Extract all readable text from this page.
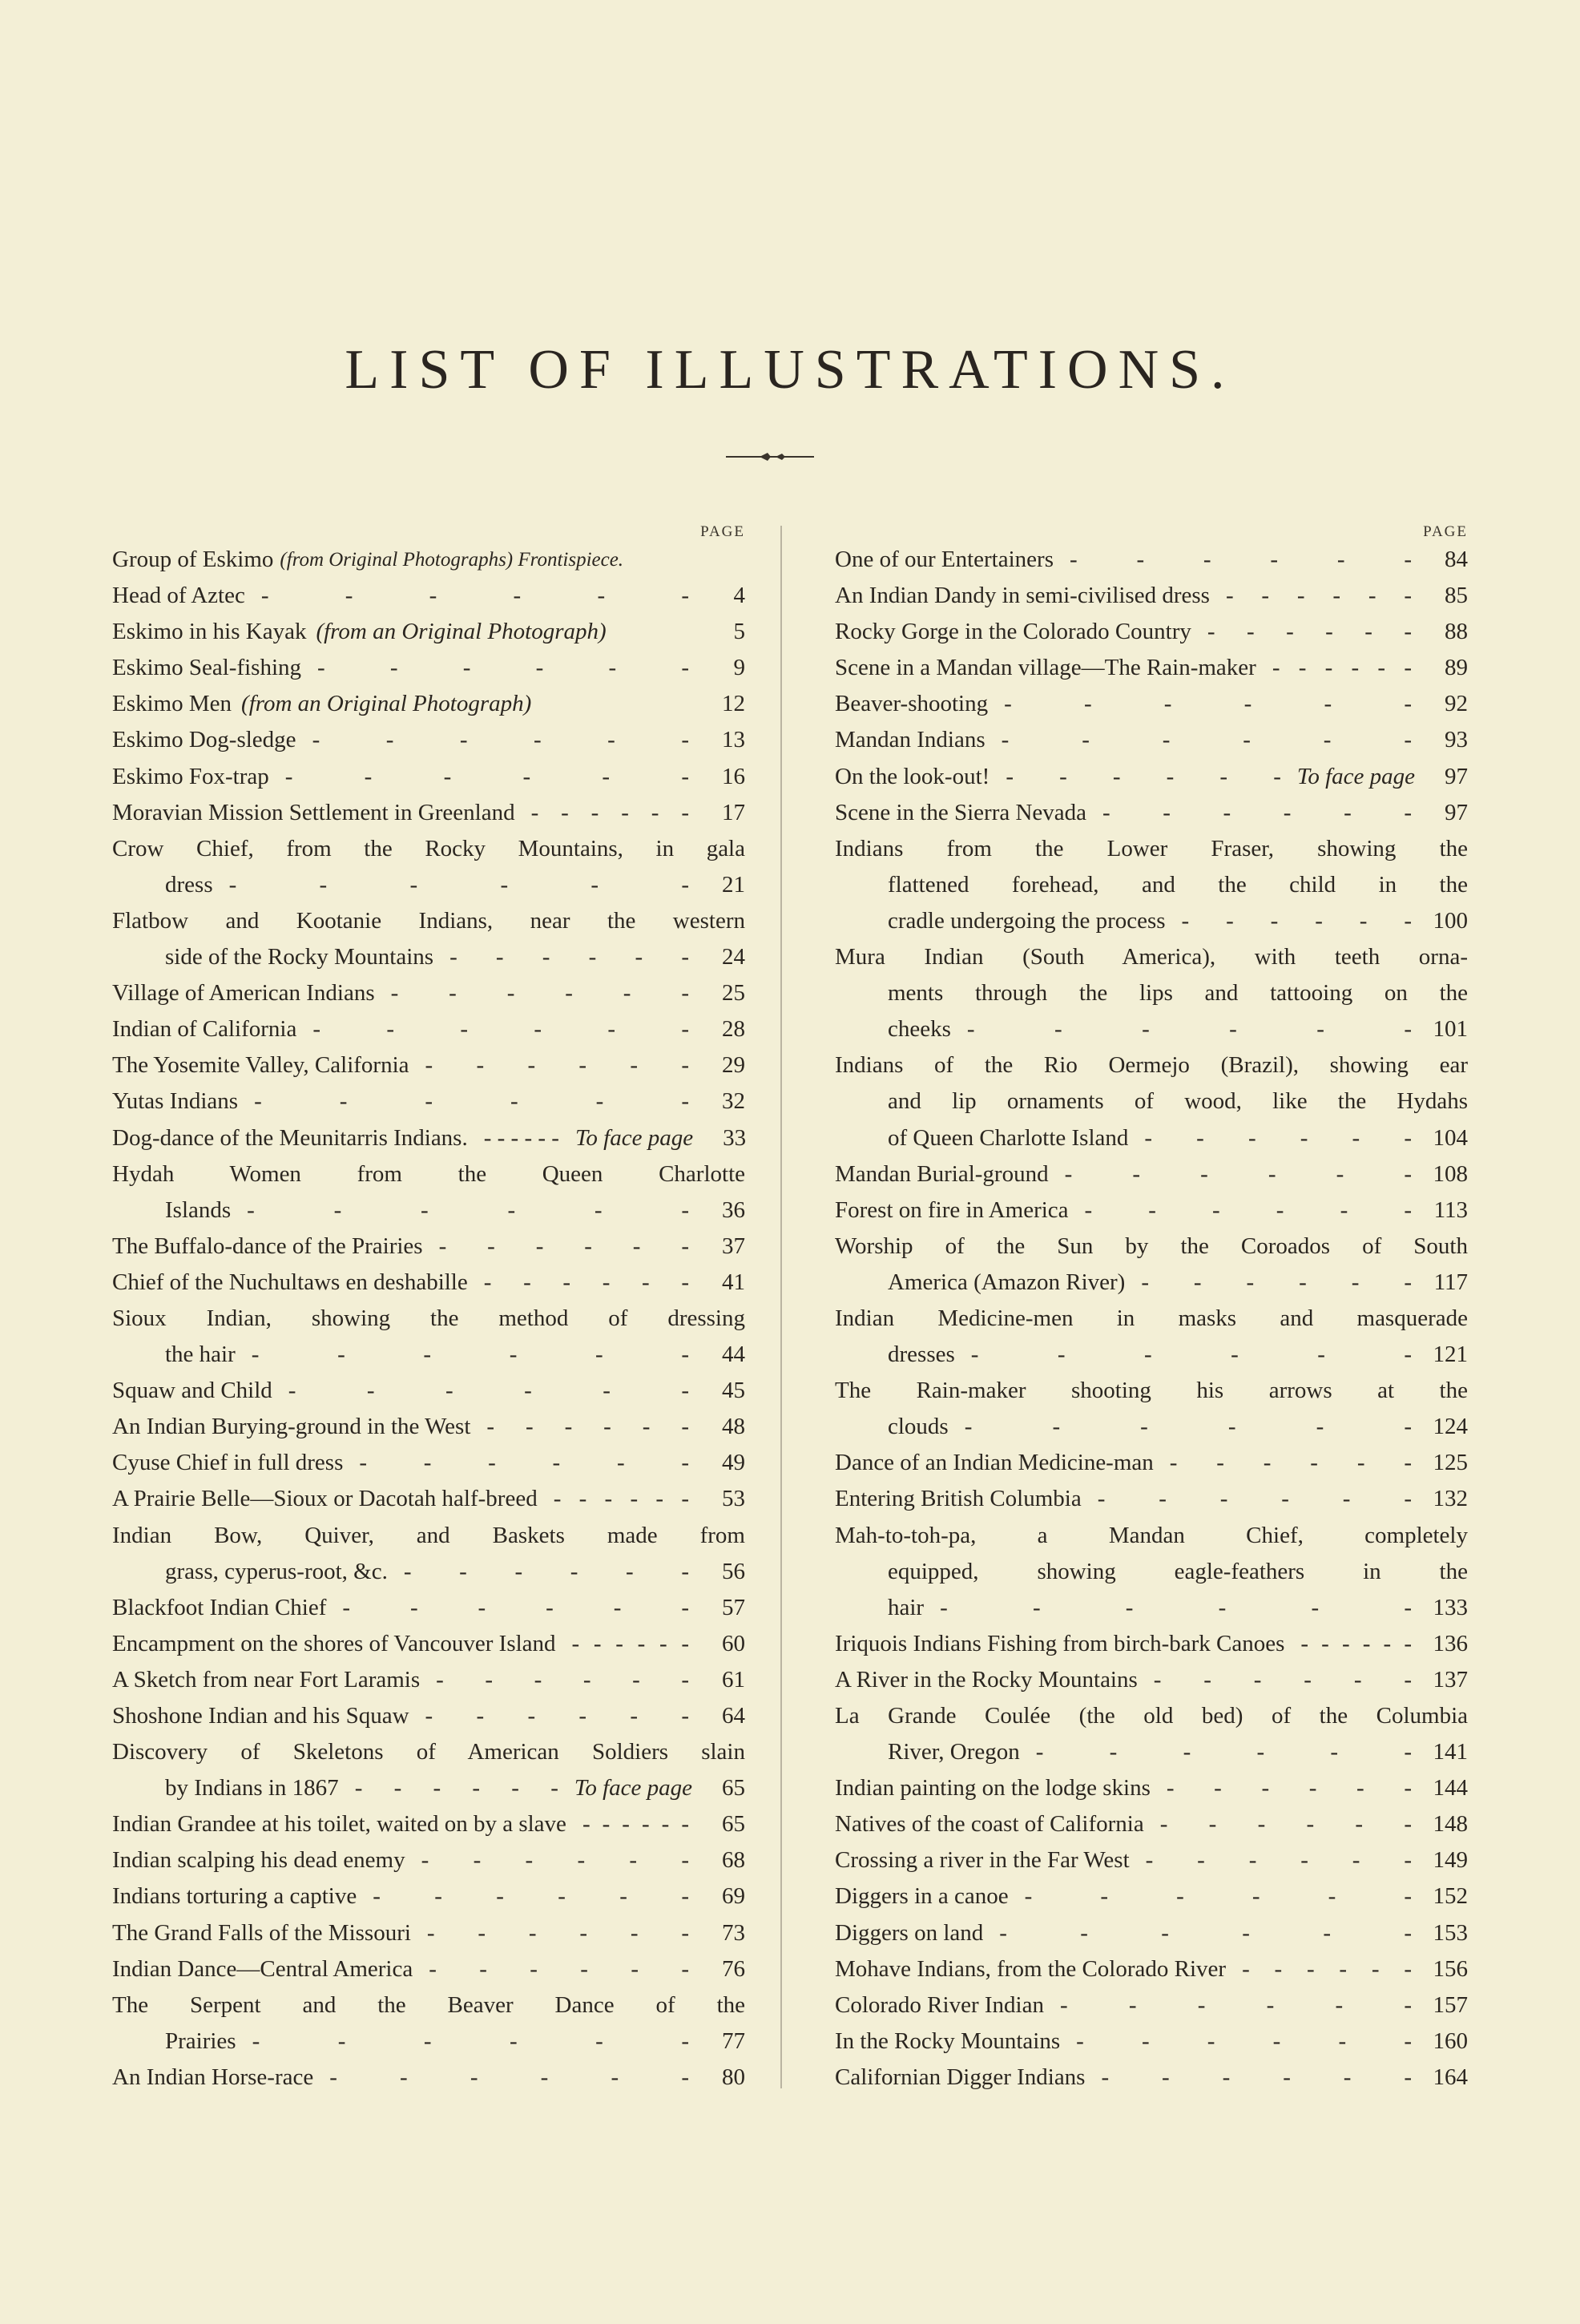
LIST OF ILLUSTRATIONS.
PAGE
Group of Eskimo (from Original Photographs) Frontispiece.
Head of Aztec - - - - - -	4
Eskimo in his Kayak (from an Original Photograph)	5
Eskimo Seal-fishing - - - - - -	9
Eskimo Men (from an Original Photograph)	12
Eskimo Dog-sledge - - - - - -	13
Eskimo Fox-trap - - - - - -	16
Moravian Mission Settlement in Greenland - - - - - -	17
Crow Chief, from the Rocky Mountains, in gala
dress - - - - - -	21
Flatbow and Kootanie Indians, near the western
side of the Rocky Mountains - - - - - -	24
Village of American Indians - - - - - -	25
Indian of California - - - - - -	28
The Yosemite Valley, California - - - - - -	29
Yutas Indians - - - - - -	32
Dog-dance of the Meunitarris Indians. - - - - - - To face page	33
Hydah Women from the Queen Charlotte
Islands - - - - - -	36
The Buffalo-dance of the Prairies - - - - - -	37
Chief of the Nuchultaws en deshabille - - - - - -	41
Sioux Indian, showing the method of dressing
the hair - - - - - -	44
Squaw and Child - - - - - -	45
An Indian Burying-ground in the West - - - - - -	48
Cyuse Chief in full dress - - - - - -	49
A Prairie Belle—Sioux or Dacotah half-breed - - - - - -	53
Indian Bow, Quiver, and Baskets made from
grass, cyperus-root, &c. - - - - - -	56
Blackfoot Indian Chief - - - - - -	57
Encampment on the shores of Vancouver Island - - - - - -	60
A Sketch from near Fort Laramis - - - - - -	61
Shoshone Indian and his Squaw - - - - - -	64
Discovery of Skeletons of American Soldiers slain
by Indians in 1867 - - - - - - To face page	65
Indian Grandee at his toilet, waited on by a slave - - - - - -	65
Indian scalping his dead enemy - - - - - -	68
Indians torturing a captive - - - - - -	69
The Grand Falls of the Missouri - - - - - -	73
Indian Dance—Central America - - - - - -	76
The Serpent and the Beaver Dance of the
Prairies - - - - - -	77
An Indian Horse-race - - - - - -	80
PAGE
One of our Entertainers - - - - - -	84
An Indian Dandy in semi-civilised dress - - - - - -	85
Rocky Gorge in the Colorado Country - - - - - -	88
Scene in a Mandan village—The Rain-maker - - - - - -	89
Beaver-shooting - - - - - -	92
Mandan Indians - - - - - -	93
On the look-out! - - - - - - To face page	97
Scene in the Sierra Nevada - - - - - -	97
Indians from the Lower Fraser, showing the
flattened forehead, and the child in the
cradle undergoing the process - - - - - - 100
Mura Indian (South America), with teeth orna-
ments through the lips and tattooing on the
cheeks - - - - - - 101
Indians of the Rio Oermejo (Brazil), showing ear
and lip ornaments of wood, like the Hydahs
of Queen Charlotte Island - - - - - - 104
Mandan Burial-ground - - - - - - 108
Forest on fire in America - - - - - - 113
Worship of the Sun by the Coroados of South
America (Amazon River) - - - - - - 117
Indian Medicine-men in masks and masquerade
dresses - - - - - - 121
The Rain-maker shooting his arrows at the
clouds - - - - - - 124
Dance of an Indian Medicine-man - - - - - - 125
Entering British Columbia - - - - - - 132
Mah-to-toh-pa, a Mandan Chief, completely
equipped, showing eagle-feathers in the
hair - - - - - - 133
Iriquois Indians Fishing from birch-bark Canoes - - - - - - 136
A River in the Rocky Mountains - - - - - - 137
La Grande Coulée (the old bed) of the Columbia
River, Oregon - - - - - - 141
Indian painting on the lodge skins - - - - - - 144
Natives of the coast of California - - - - - - 148
Crossing a river in the Far West - - - - - - 149
Diggers in a canoe - - - - - - 152
Diggers on land - - - - - - 153
Mohave Indians, from the Colorado River - - - - - - 156
Colorado River Indian - - - - - - 157
In the Rocky Mountains - - - - - - 160
Californian Digger Indians - - - - - - 164
